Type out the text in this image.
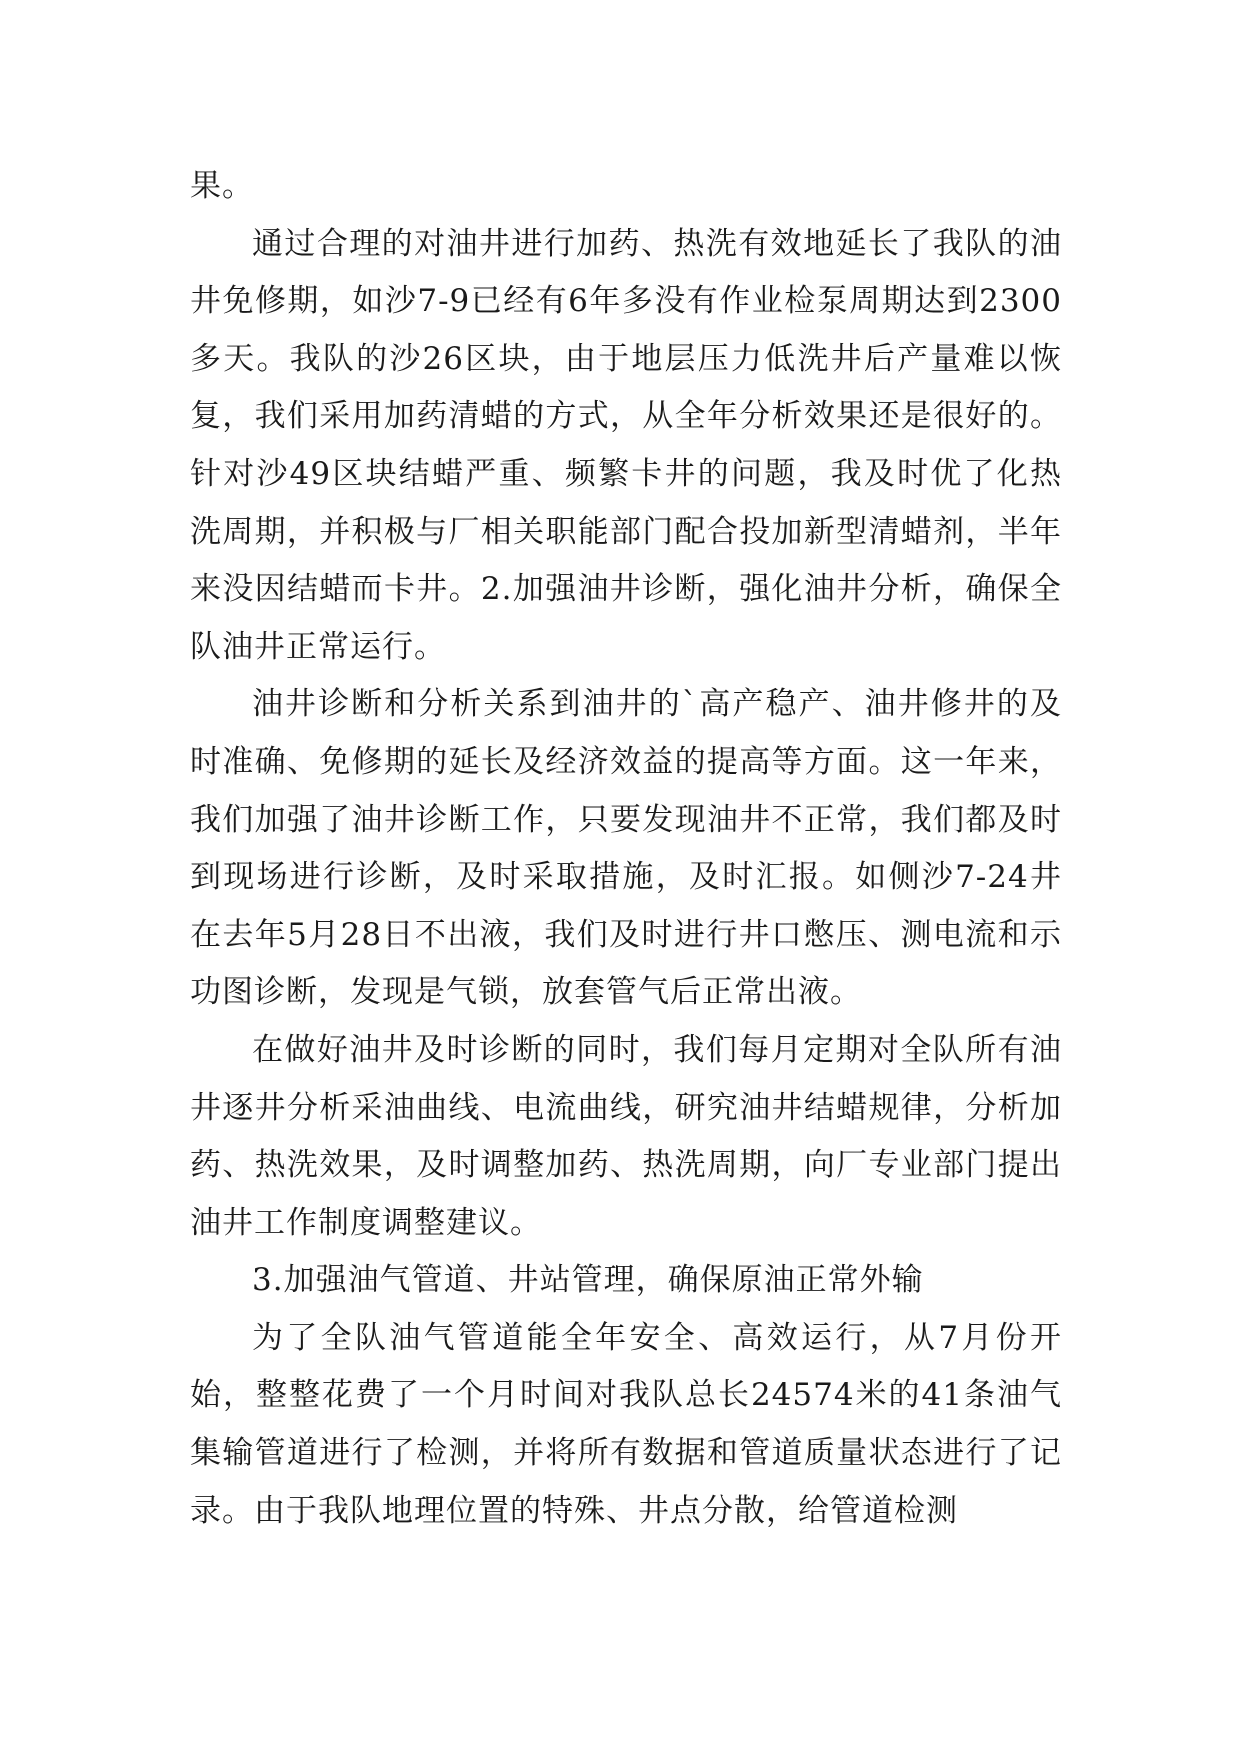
果。

通过合理的对油井进行加药、热洗有效地延长了我队的油井免修期，如沙7-9已经有6年多没有作业检泵周期达到2300多天。我队的沙26区块，由于地层压力低洗井后产量难以恢复，我们采用加药清蜡的方式，从全年分析效果还是很好的。针对沙49区块结蜡严重、频繁卡井的问题，我及时优了化热洗周期，并积极与厂相关职能部门配合投加新型清蜡剂，半年来没因结蜡而卡井。2.加强油井诊断，强化油井分析，确保全队油井正常运行。

油井诊断和分析关系到油井的`高产稳产、油井修井的及时准确、免修期的延长及经济效益的提高等方面。这一年来，我们加强了油井诊断工作，只要发现油井不正常，我们都及时到现场进行诊断，及时采取措施，及时汇报。如侧沙7-24井在去年5月28日不出液，我们及时进行井口憋压、测电流和示功图诊断，发现是气锁，放套管气后正常出液。

在做好油井及时诊断的同时，我们每月定期对全队所有油井逐井分析采油曲线、电流曲线，研究油井结蜡规律，分析加药、热洗效果，及时调整加药、热洗周期，向厂专业部门提出油井工作制度调整建议。

3.加强油气管道、井站管理，确保原油正常外输

为了全队油气管道能全年安全、高效运行，从7月份开始，整整花费了一个月时间对我队总长24574米的41条油气集输管道进行了检测，并将所有数据和管道质量状态进行了记录。由于我队地理位置的特殊、井点分散，给管道检测
